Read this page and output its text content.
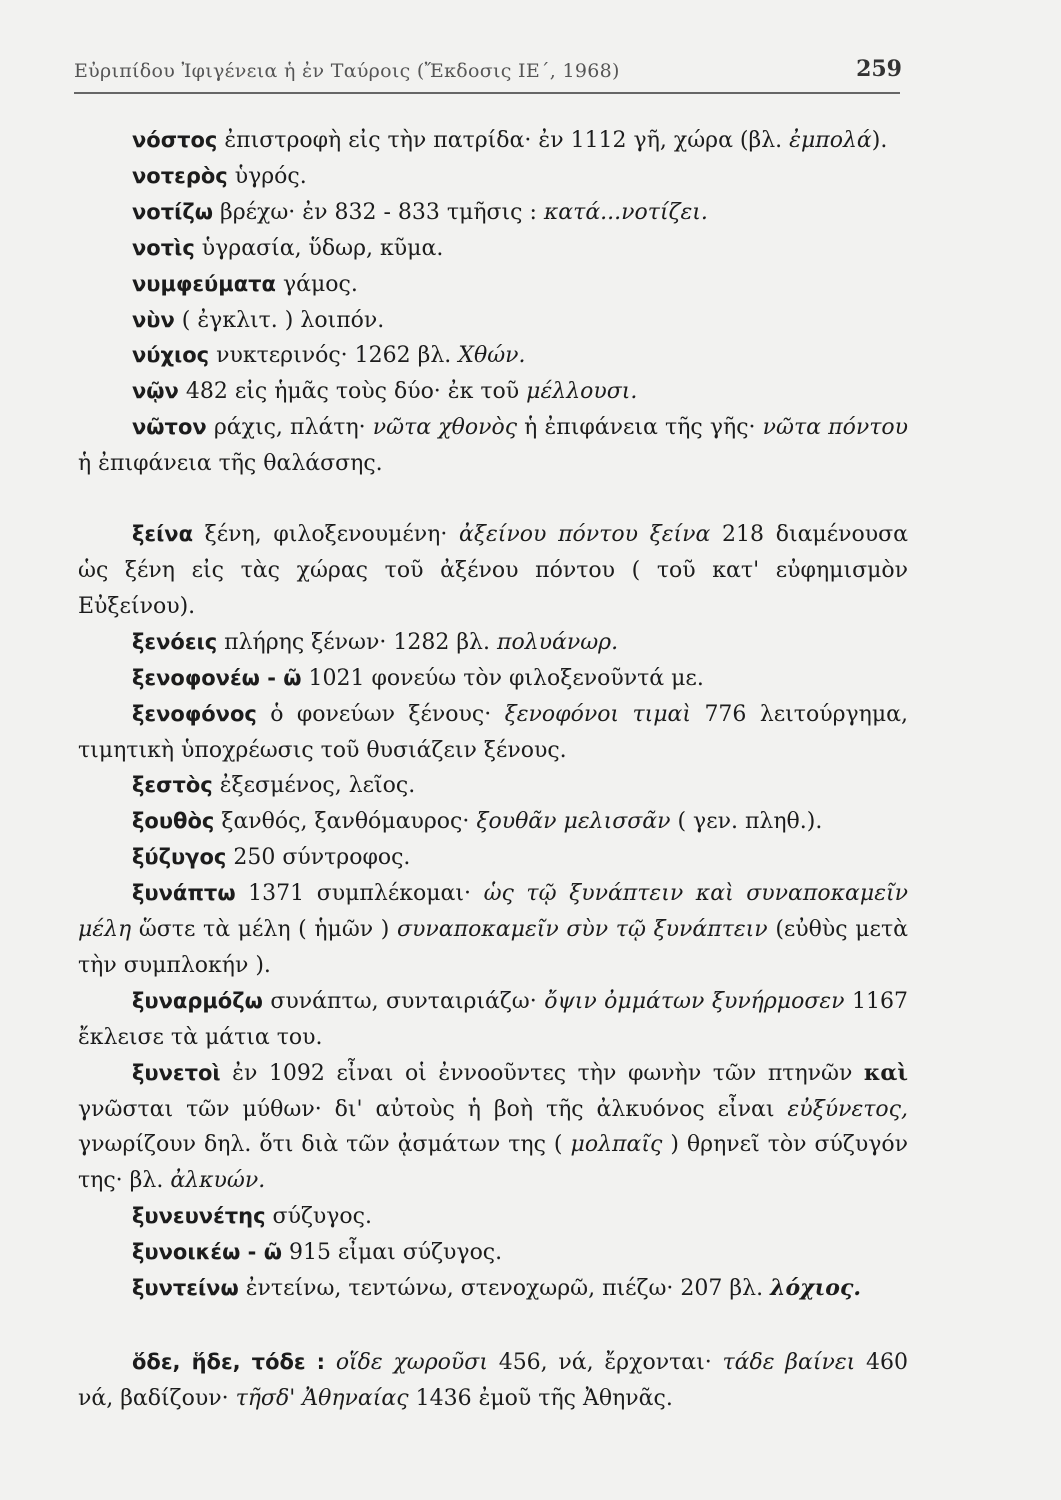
Εὐριπίδου Ἰφιγένεια ἡ ἐν Ταύροις (Ἔκδοσις ΙΕ΄, 1968)	259

νόστος ἐπιστροφὴ εἰς τὴν πατρίδα· ἐν 1112 γῆ, χώρα (βλ. ἐμπολά).

νοτερὸς ὑγρός.

νοτίζω βρέχω· ἐν 832 - 833 τμῆσις : κατά...νοτίζει.

νοτὶς ὑγρασία, ὕδωρ, κῦμα.

νυμφεύματα γάμος.

νὺν ( ἐγκλιτ. ) λοιπόν.

νύχιος νυκτερινός· 1262 βλ. Χθών.

νῷν 482 εἰς ἡμᾶς τοὺς δύο· ἐκ τοῦ μέλλουσι.

νῶτον ράχις, πλάτη· νῶτα χθονὸς ἡ ἐπιφάνεια τῆς γῆς· νῶτα πόντου ἡ ἐπιφάνεια τῆς θαλάσσης.

ξείνα ξένη, φιλοξενουμένη· ἀξείνου πόντου ξείνα 218 διαμένουσα ὡς ξένη εἰς τὰς χώρας τοῦ ἀξένου πόντου ( τοῦ κατ' εὐφημισμὸν Εὐξείνου).

ξενόεις πλήρης ξένων· 1282 βλ. πολυάνωρ.

ξενοφονέω - ῶ 1021 φονεύω τὸν φιλοξενοῦντά με.

ξενοφόνος ὁ φονεύων ξένους· ξενοφόνοι τιμαὶ 776 λειτούργημα, τιμητικὴ ὑποχρέωσις τοῦ θυσιάζειν ξένους.

ξεστὸς ἐξεσμένος, λεῖος.

ξουθὸς ξανθός, ξανθόμαυρος· ξουθᾶν μελισσᾶν ( γεν. πληθ.).

ξύζυγος 250 σύντροφος.

ξυνάπτω 1371 συμπλέκομαι· ὡς τῷ ξυνάπτειν καὶ συναποκαμεῖν μέλη ὥστε τὰ μέλη ( ἡμῶν ) συναποκαμεῖν σὺν τῷ ξυνάπτειν (εὐθὺς μετὰ τὴν συμπλοκήν ).

ξυναρμόζω συνάπτω, συνταιριάζω· ὄψιν ὀμμάτων ξυνήρμοσεν 1167 ἔκλεισε τὰ μάτια του.

ξυνετοὶ ἐν 1092 εἶναι οἱ ἐννοοῦντες τὴν φωνὴν τῶν πτηνῶν καὶ γνῶσται τῶν μύθων· δι' αὐτοὺς ἡ βοὴ τῆς ἀλκυόνος εἶναι εὐξύνετος, γνωρίζουν δηλ. ὅτι διὰ τῶν ᾀσμάτων της ( μολπαῖς ) θρηνεῖ τὸν σύζυγόν της· βλ. ἀλκυών.

ξυνευνέτης σύζυγος.

ξυνοικέω - ῶ 915 εἶμαι σύζυγος.

ξυντείνω ἐντείνω, τεντώνω, στενοχωρῶ, πιέζω· 207 βλ. λόχιος.

ὅδε, ἥδε, τόδε : οἵδε χωροῦσι 456, νά, ἔρχονται· τάδε βαίνει 460 νά, βαδίζουν· τῆσδ' Ἀθηναίας 1436 ἐμοῦ τῆς Ἀθηνᾶς.
